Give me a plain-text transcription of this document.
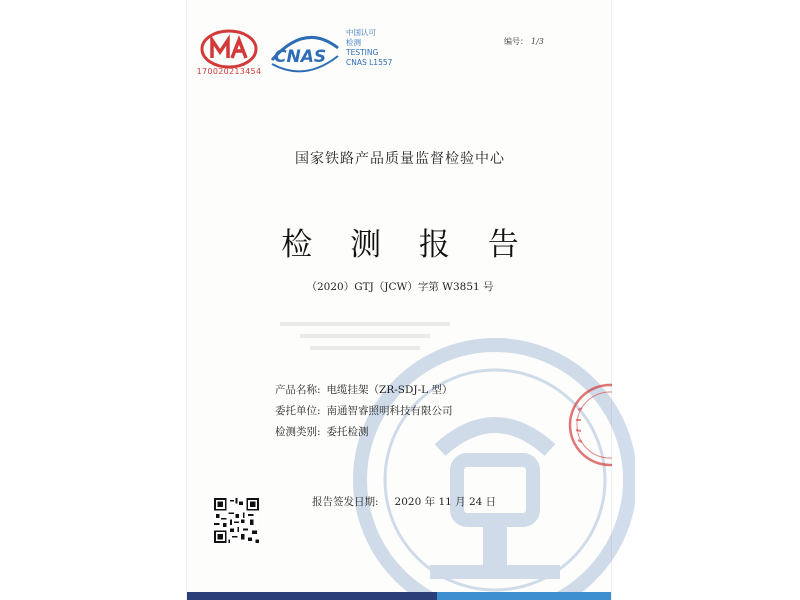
170020213454
CNAS
中国认可
检测
TESTING
CNAS L1557
编号： 1/3
国家铁路产品质量监督检验中心
检 测 报 告
（2020）GTJ（JCW）字第 W3851 号
产品名称: 电缆挂架（ZR-SDJ-L 型）
委托单位: 南通智睿照明科技有限公司
检测类别: 委托检测
报告签发日期: 2020 年 11 月 24 日
